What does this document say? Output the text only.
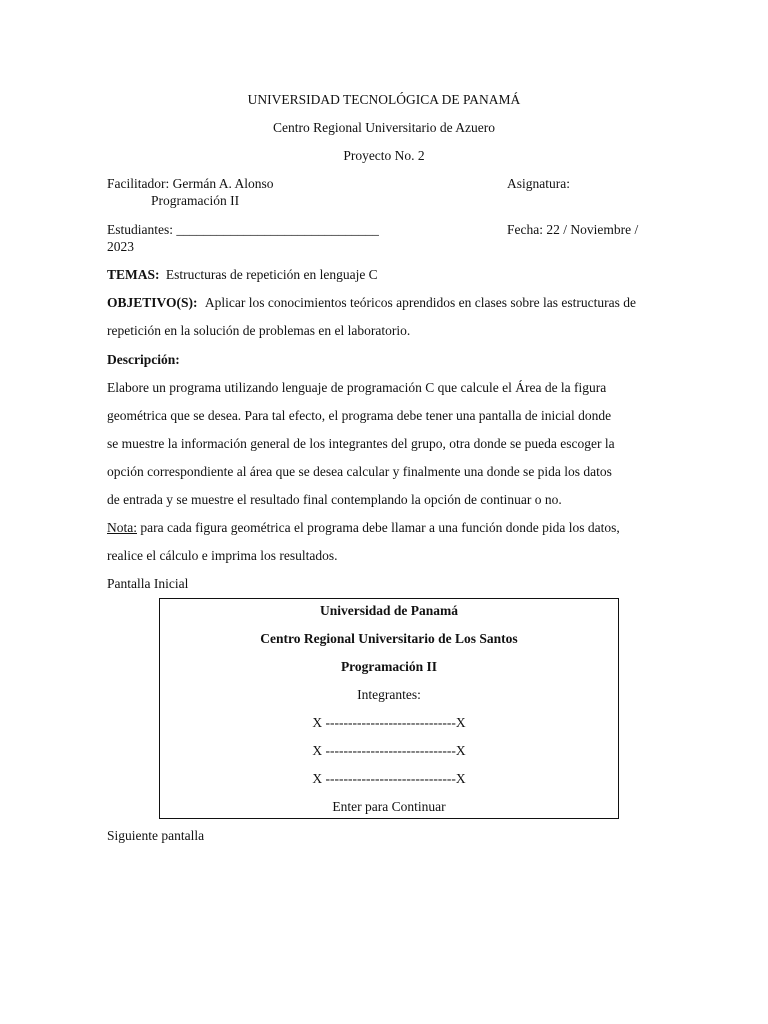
UNIVERSIDAD TECNOLÓGICA DE PANAMÁ
Centro Regional Universitario de Azuero
Proyecto No. 2
Facilitador: Germán A. Alonso	Asignatura:
Programación II
Estudiantes: ______________________________	Fecha: 22 / Noviembre /
2023
TEMAS: Estructuras de repetición en lenguaje C
OBJETIVO(S): Aplicar los conocimientos teóricos aprendidos en clases sobre las estructuras de
repetición en la solución de problemas en el laboratorio.
Descripción:
Elabore un programa utilizando lenguaje de programación C que calcule el Área de la figura
geométrica que se desea. Para tal efecto, el programa debe tener una pantalla de inicial donde
se muestre la información general de los integrantes del grupo, otra donde se pueda escoger la
opción correspondiente al área que se desea calcular y finalmente una donde se pida los datos
de entrada y se muestre el resultado final contemplando la opción de continuar o no.
Nota: para cada figura geométrica el programa debe llamar a una función donde pida los datos,
realice el cálculo e imprima los resultados.
Pantalla Inicial
Universidad de Panamá
Centro Regional Universitario de Los Santos
Programación II
Integrantes:
X -----------------------------X
X -----------------------------X
X -----------------------------X
Enter para Continuar
Siguiente pantalla
